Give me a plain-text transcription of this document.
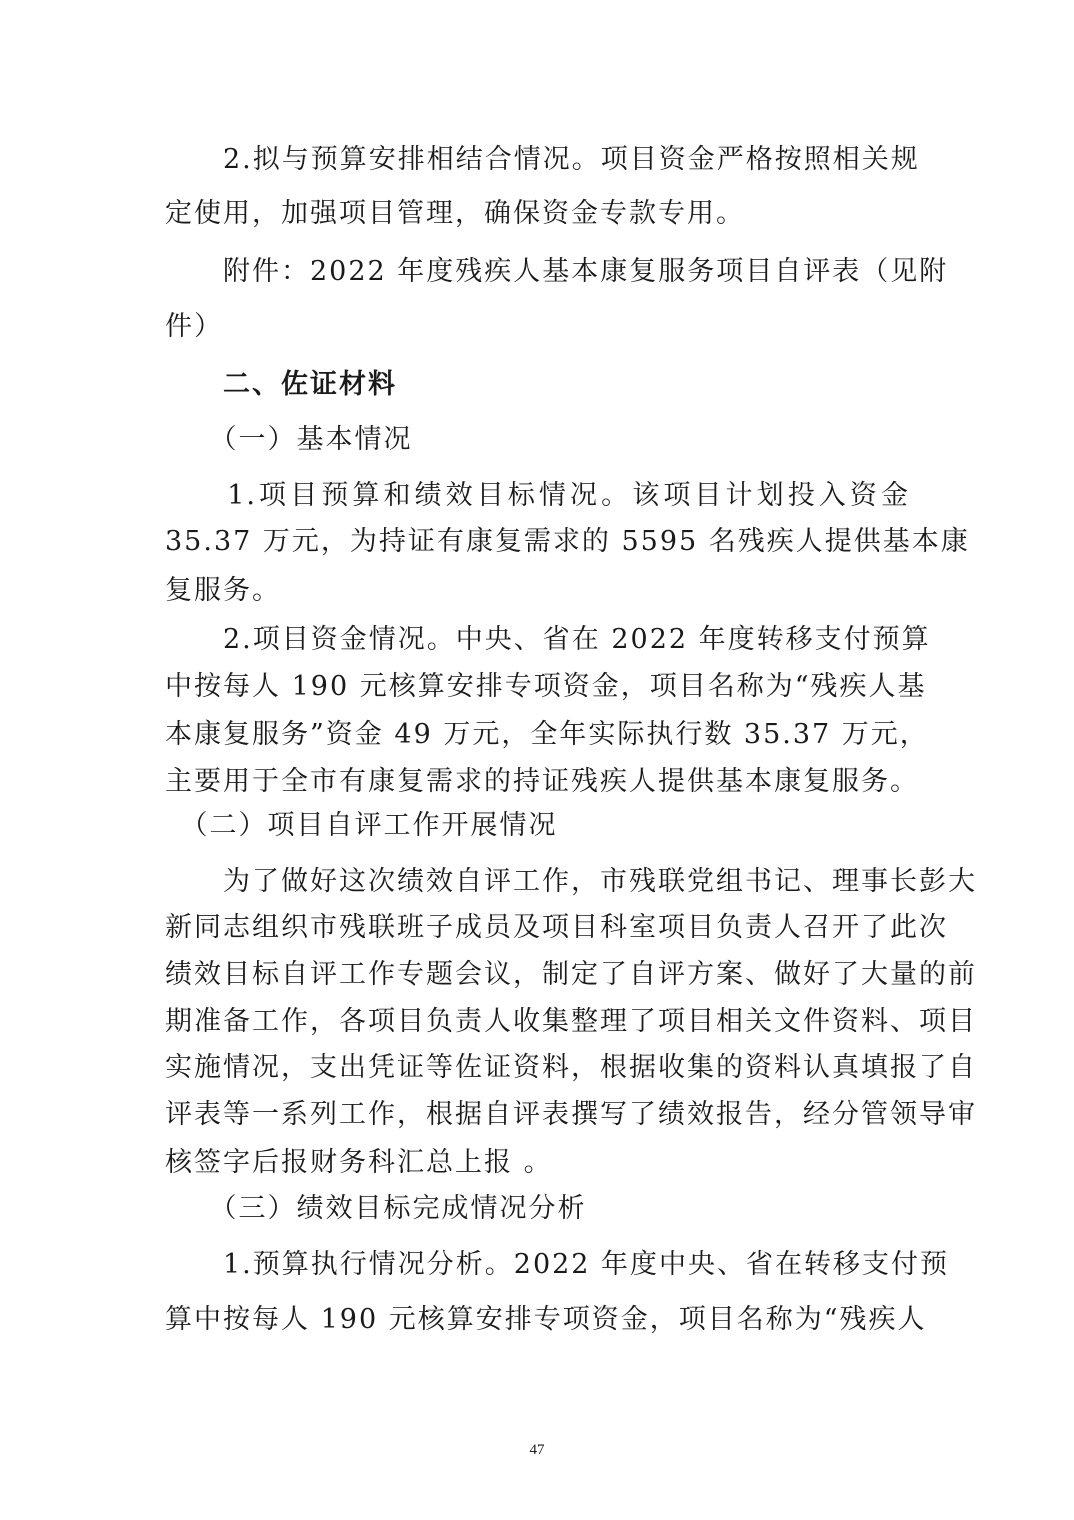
　　2.拟与预算安排相结合情况。项目资金严格按照相关规
定使用，加强项目管理，确保资金专款专用。
　　附件：2022 年度残疾人基本康复服务项目自评表（见附
件）
　　二、佐证材料
　　（一）基本情况
　　1.项目预算和绩效目标情况。该项目计划投入资金
35.37 万元，为持证有康复需求的 5595 名残疾人提供基本康
复服务。
　　2.项目资金情况。中央、省在 2022 年度转移支付预算
中按每人 190 元核算安排专项资金，项目名称为“残疾人基
本康复服务”资金 49 万元，全年实际执行数 35.37 万元，
主要用于全市有康复需求的持证残疾人提供基本康复服务。
　（二）项目自评工作开展情况
　　为了做好这次绩效自评工作，市残联党组书记、理事长彭大
新同志组织市残联班子成员及项目科室项目负责人召开了此次
绩效目标自评工作专题会议，制定了自评方案、做好了大量的前
期准备工作，各项目负责人收集整理了项目相关文件资料、项目
实施情况，支出凭证等佐证资料，根据收集的资料认真填报了自
评表等一系列工作，根据自评表撰写了绩效报告，经分管领导审
核签字后报财务科汇总上报 。
　　（三）绩效目标完成情况分析
　　1.预算执行情况分析。2022 年度中央、省在转移支付预
算中按每人 190 元核算安排专项资金，项目名称为“残疾人
47
